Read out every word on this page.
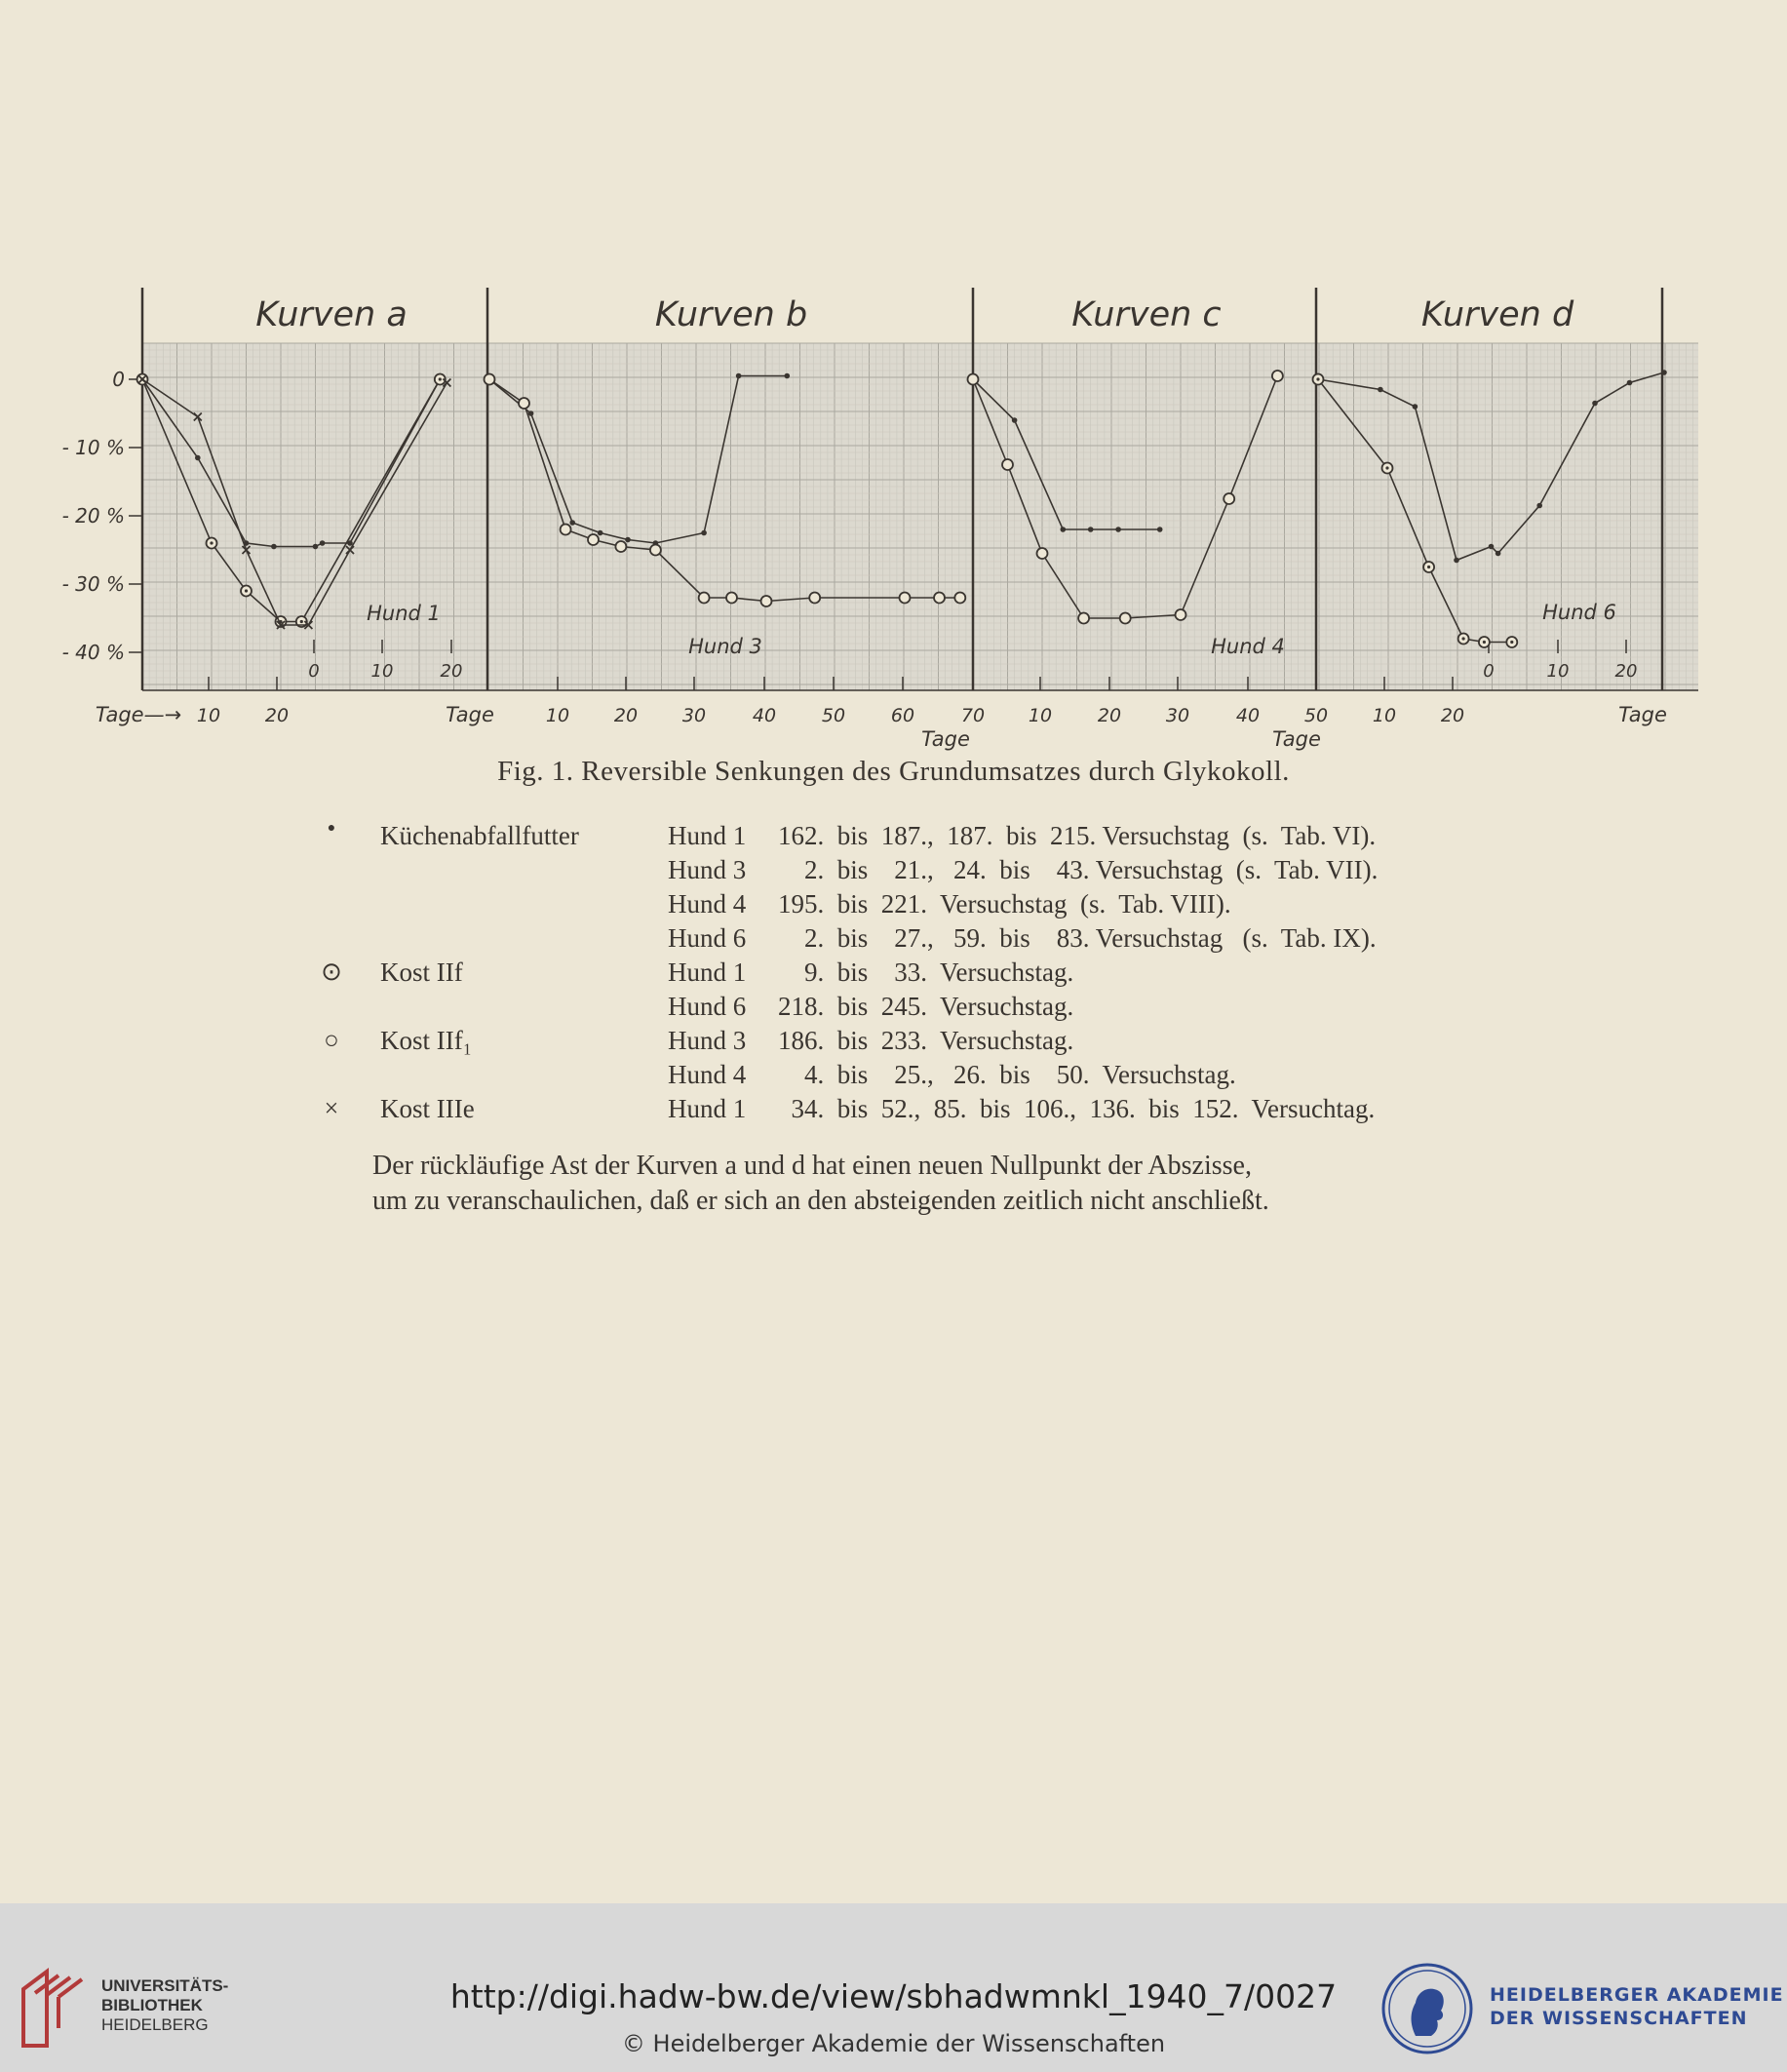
0
- 10 %
- 20 %
- 30 %
- 40 %
Kurven a
Hund 1
10 20
0	10	20
Tage—→
Kurven b
Hund 3
10 20 30	40 50 60	70
Tage
Tage
Kurven c
Hund 4
10 20 30	40 50
Tage
Kurven d
Hund 6
10 20
0	10	20
Tage
Fig. 1. Reversible Senkungen des Grundumsatzes durch Glykokoll.
●	Küchenabfallfutter	Hund 1 162.  bis  187.,  187.  bis  215. Versuchstag  (s.  Tab. VI).
Hund 3 2.  bis    21.,   24.  bis    43. Versuchstag  (s.  Tab. VII).
Hund 4 195.  bis  221.  Versuchstag  (s.  Tab. VIII).
Hund 6 2.  bis    27.,   59.  bis    83. Versuchstag   (s.  Tab. IX).
⊙	Kost IIf	Hund 1 9.  bis    33.  Versuchstag.
Hund 6 218.  bis  245.  Versuchstag.
○	Kost IIf₁	Hund 3 186.  bis  233.  Versuchstag.
Hund 4 4.  bis    25.,   26.  bis    50.  Versuchstag.
×	Kost IIIe	Hund 1 34.  bis  52.,  85.  bis  106.,  136.  bis  152.  Versuchtag.
Der rückläufige Ast der Kurven a und d hat einen neuen Nullpunkt der Abszisse,
um zu veranschaulichen, daß er sich an den absteigenden zeitlich nicht anschließt.
UNIVERSITÄTS-
BIBLIOTHEK
HEIDELBERG
http://digi.hadw-bw.de/view/sbhadwmnkl_1940_7/0027
© Heidelberger Akademie der Wissenschaften
HEIDELBERGER AKADEMIE
DER WISSENSCHAFTEN
